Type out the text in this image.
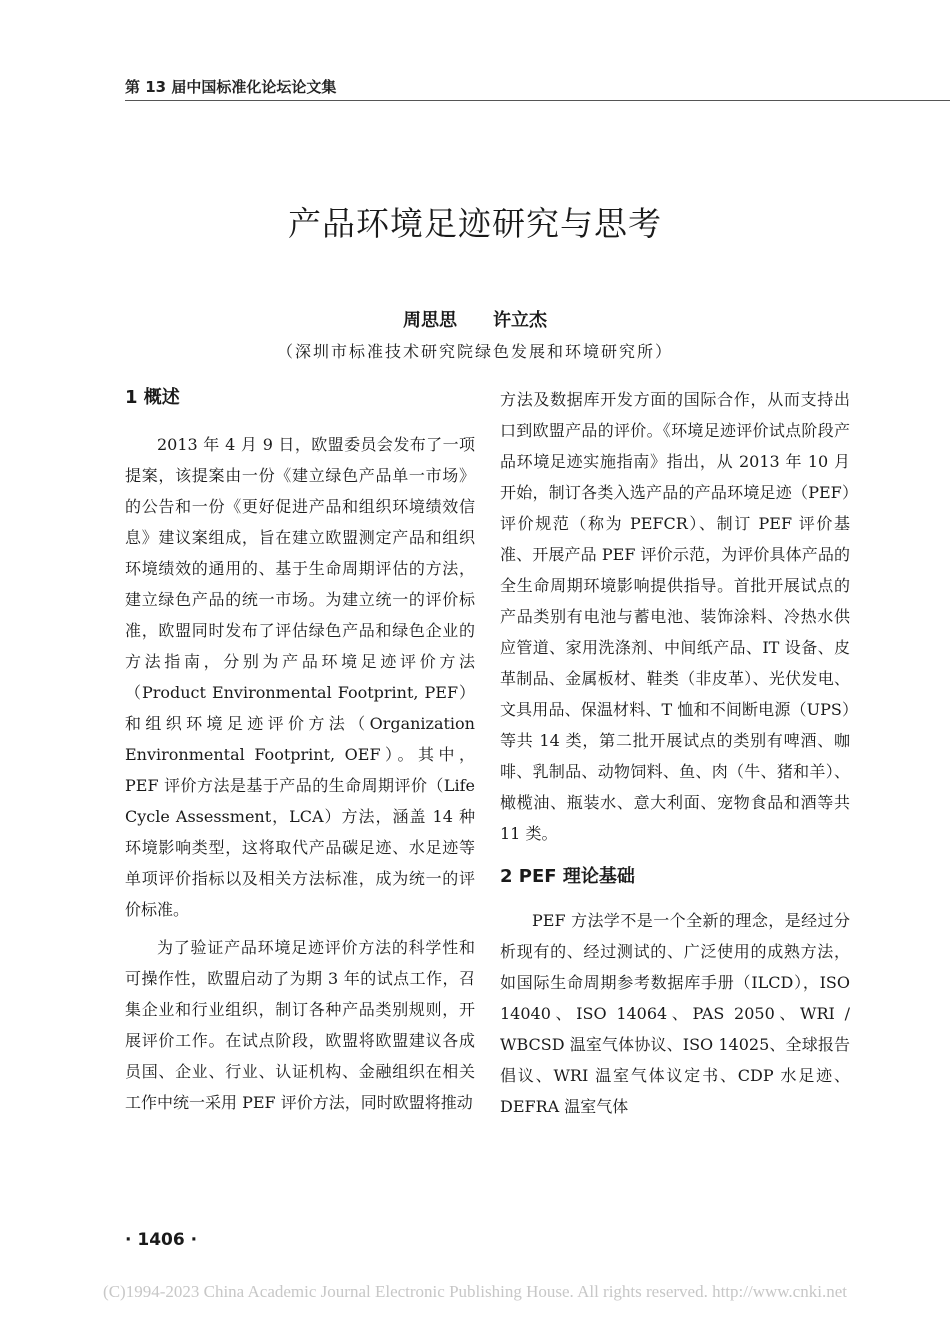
第 13 届中国标准化论坛论文集
产品环境足迹研究与思考
周思思 许立杰
（深圳市标准技术研究院绿色发展和环境研究所）
1 概述

2013 年 4 月 9 日，欧盟委员会发布了一项提案，该提案由一份《建立绿色产品单一市场》的公告和一份《更好促进产品和组织环境绩效信息》建议案组成，旨在建立欧盟测定产品和组织环境绩效的通用的、基于生命周期评估的方法，建立绿色产品的统一市场。为建立统一的评价标准，欧盟同时发布了评估绿色产品和绿色企业的方法指南，分别为产品环境足迹评价方法（Product Environmental Footprint, PEF）和组织环境足迹评价方法（Organization Environmental Footprint, OEF）。其中，PEF 评价方法是基于产品的生命周期评价（Life Cycle Assessment，LCA）方法，涵盖 14 种环境影响类型，这将取代产品碳足迹、水足迹等单项评价指标以及相关方法标准，成为统一的评价标准。

为了验证产品环境足迹评价方法的科学性和可操作性，欧盟启动了为期 3 年的试点工作，召集企业和行业组织，制订各种产品类别规则，开展评价工作。在试点阶段，欧盟将欧盟建议各成员国、企业、行业、认证机构、金融组织在相关工作中统一采用 PEF 评价方法，同时欧盟将推动

方法及数据库开发方面的国际合作，从而支持出口到欧盟产品的评价。《环境足迹评价试点阶段产品环境足迹实施指南》指出，从 2013 年 10 月开始，制订各类入选产品的产品环境足迹（PEF）评价规范（称为 PEFCR）、制订 PEF 评价基准、开展产品 PEF 评价示范，为评价具体产品的全生命周期环境影响提供指导。首批开展试点的产品类别有电池与蓄电池、装饰涂料、冷热水供应管道、家用洗涤剂、中间纸产品、IT 设备、皮革制品、金属板材、鞋类（非皮革）、光伏发电、文具用品、保温材料、T 恤和不间断电源（UPS）等共 14 类，第二批开展试点的类别有啤酒、咖啡、乳制品、动物饲料、鱼、肉（牛、猪和羊）、橄榄油、瓶装水、意大利面、宠物食品和酒等共 11 类。

2 PEF 理论基础

PEF 方法学不是一个全新的理念，是经过分析现有的、经过测试的、广泛使用的成熟方法，如国际生命周期参考数据库手册（ILCD），ISO 14040、ISO 14064、PAS 2050、WRI / WBCSD 温室气体协议、ISO 14025、全球报告倡议、WRI 温室气体议定书、CDP 水足迹、DEFRA 温室气体

· 1406 ·
(C)1994-2023 China Academic Journal Electronic Publishing House. All rights reserved. http://www.cnki.net
